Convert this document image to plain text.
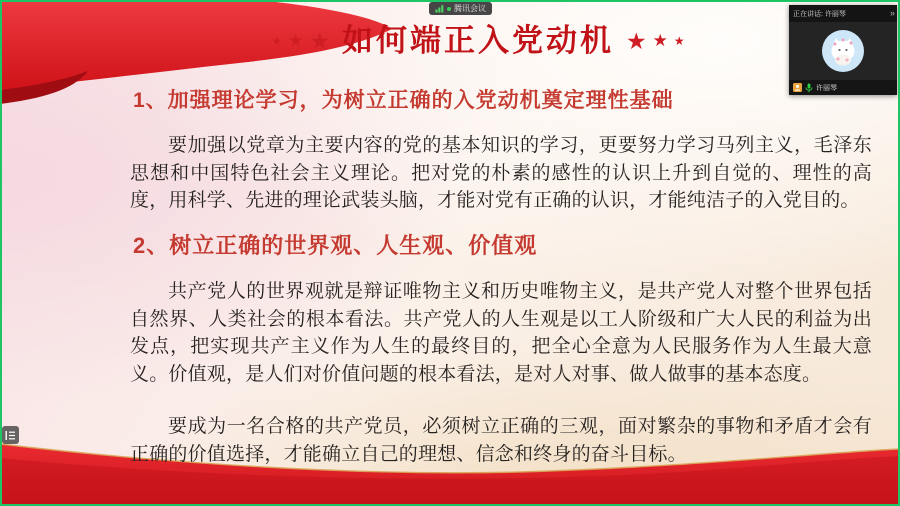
★ ★ ★ 如何端正入党动机 ★ ★ ★
1、加强理论学习，为树立正确的入党动机奠定理性基础

要加强以党章为主要内容的党的基本知识的学习，更要努力学习马列主义，毛泽东思想和中国特色社会主义理论。把对党的朴素的感性的认识上升到自觉的、理性的高度，用科学、先进的理论武装头脑，才能对党有正确的认识，才能纯洁子的入党目的。

2、树立正确的世界观、人生观、价值观

共产党人的世界观就是辩证唯物主义和历史唯物主义，是共产党人对整个世界包括自然界、人类社会的根本看法。共产党人的人生观是以工人阶级和广大人民的利益为出发点，把实现共产主义作为人生的最终目的，把全心全意为人民服务作为人生最大意义。价值观，是人们对价值问题的根本看法，是对人对事、做人做事的基本态度。

要成为一名合格的共产党员，必须树立正确的三观，面对繁杂的事物和矛盾才会有正确的价值选择，才能确立自己的理想、信念和终身的奋斗目标。

腾讯会议
正在讲话: 许丽琴	»
许丽琴
